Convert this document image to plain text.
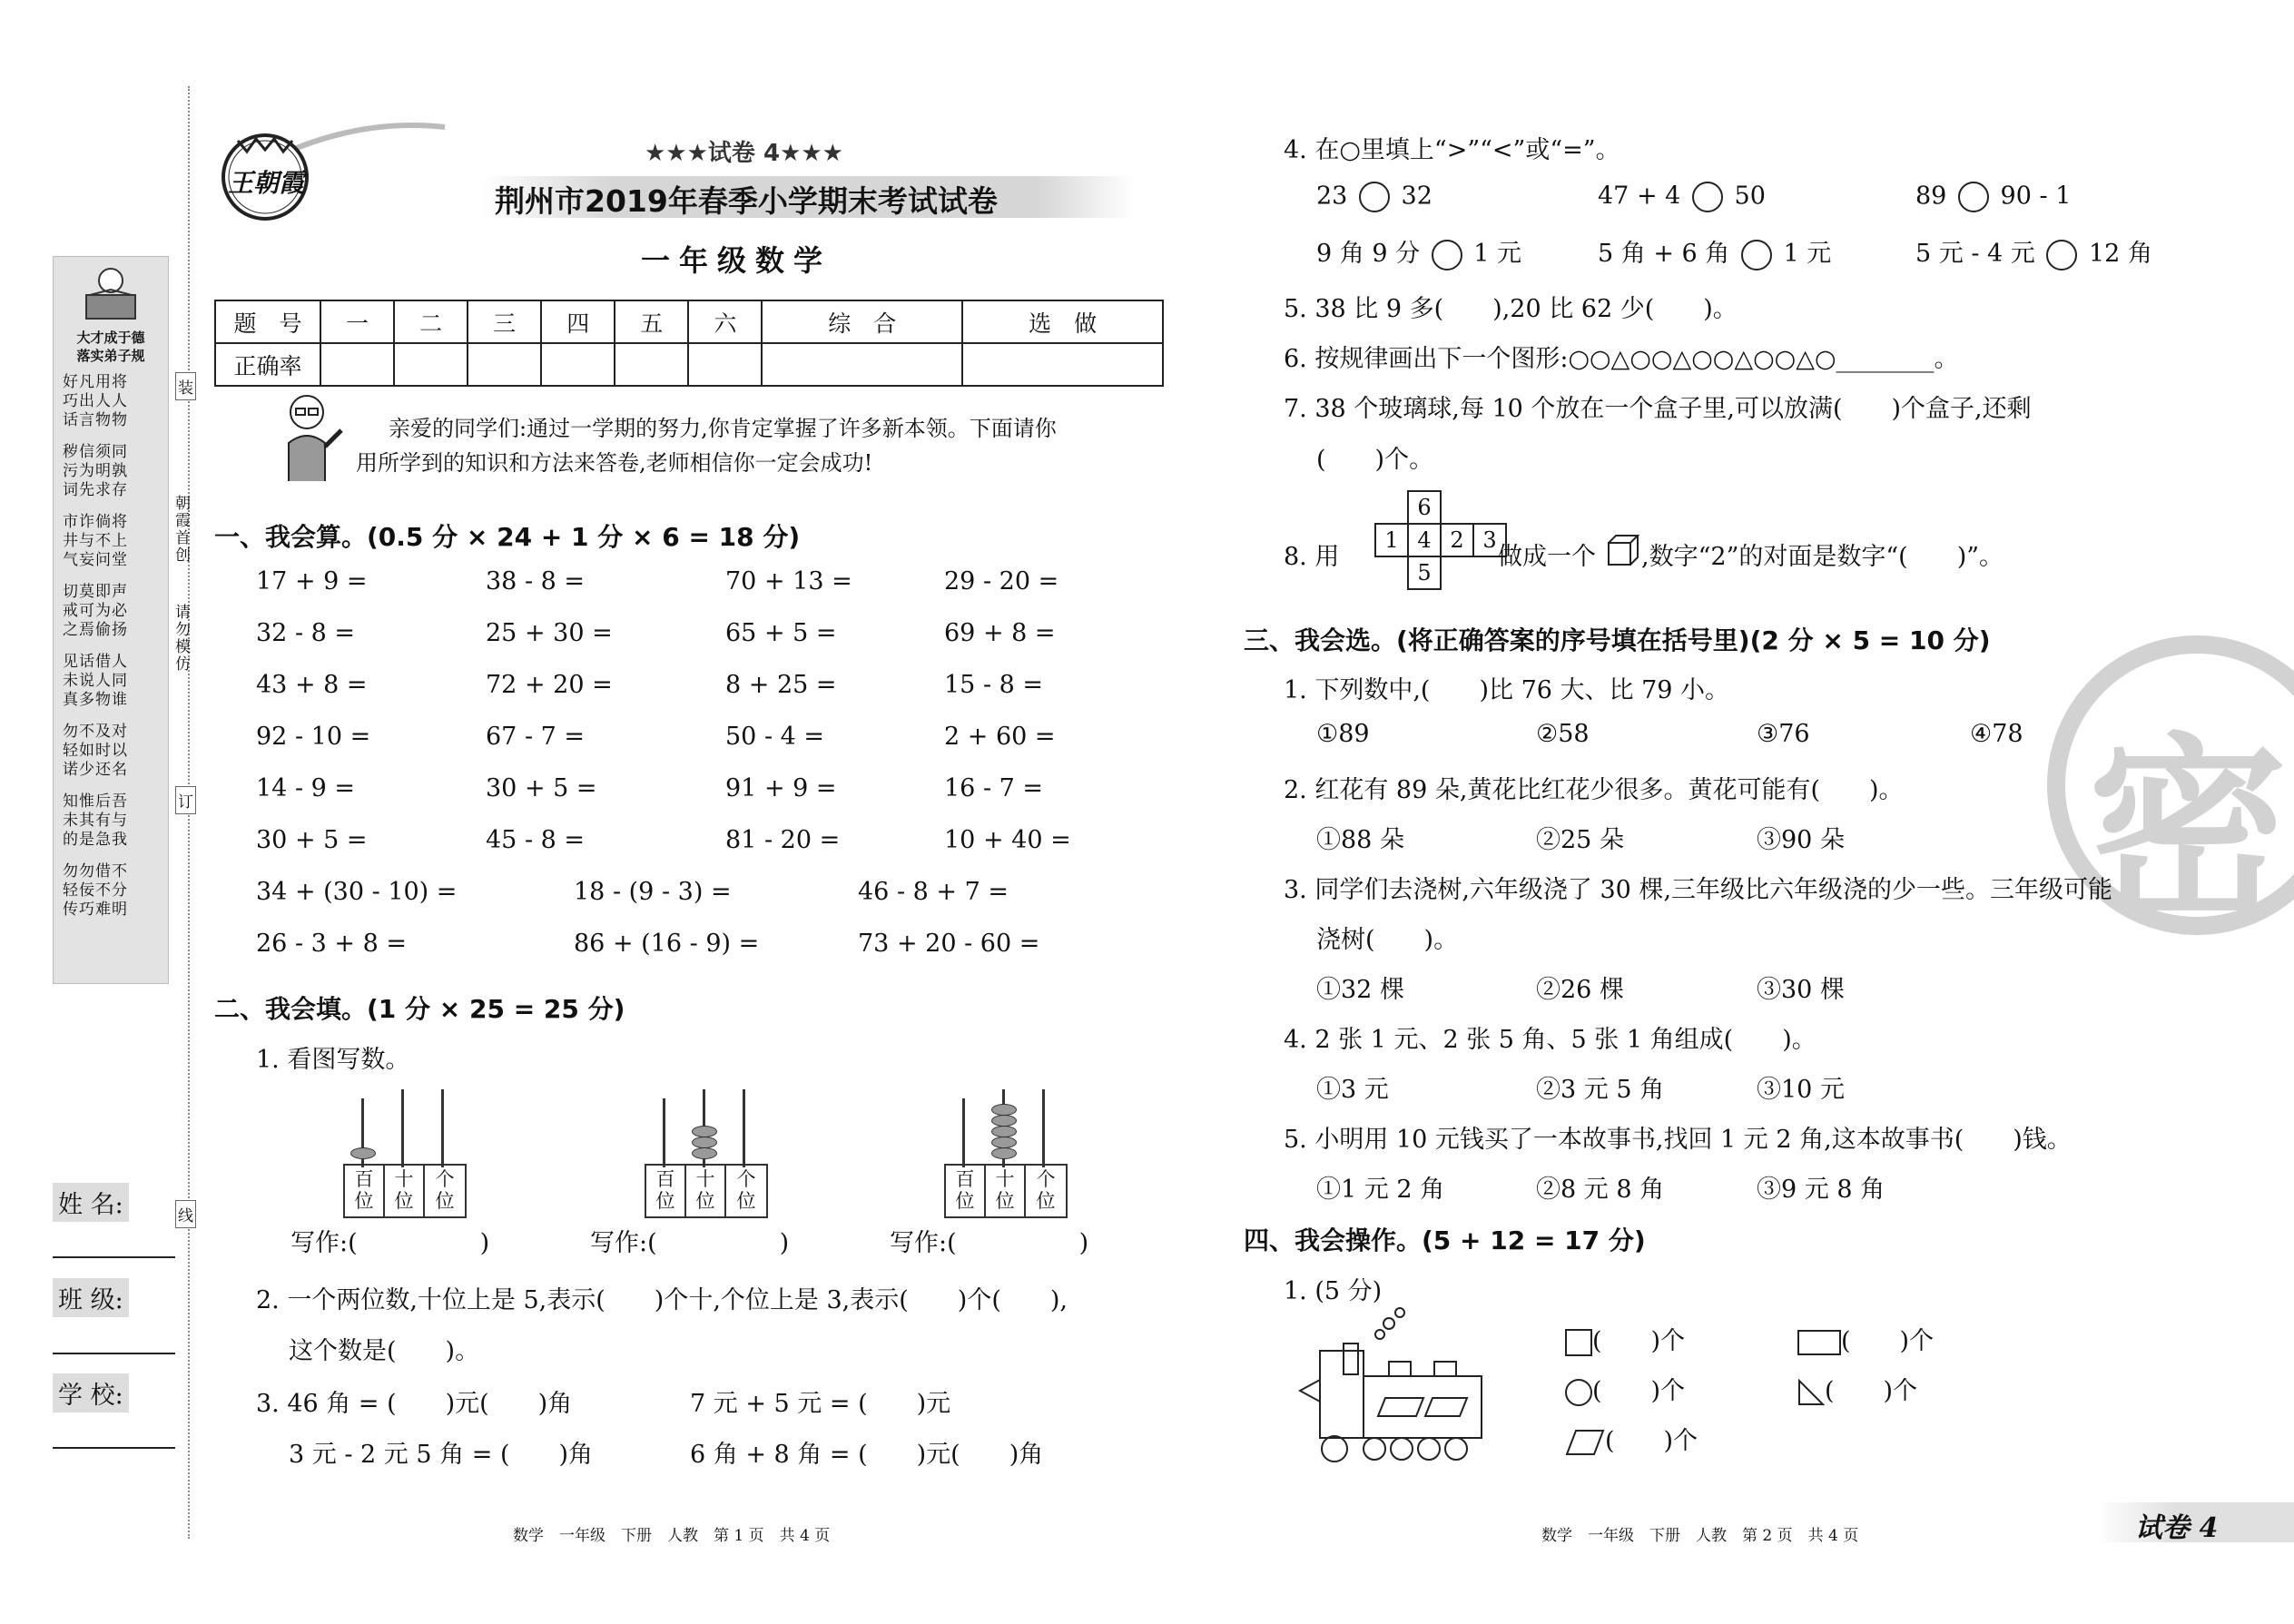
大才成于德
落实弟子规
好凡用将
巧出人人
话言物物
秽信须同
污为明孰
词先求存
市诈倘将
井与不上
气妄问堂
切莫即声
戒可为必
之焉偷扬
见话借人
未说人同
真多物谁
勿不及对
轻如时以
诺少还名
知惟后吾
未其有与
的是急我
勿勿借不
轻佞不分
传巧难明
装
订
线
朝霞首创
请勿模仿
姓 名:
班 级:
学 校:
王朝霞
★★★试卷 4★★★
荆州市2019年春季小学期末考试试卷
一年级数学
题　号	一	二	三	四	五	六	综　合	选　做
正确率								
亲爱的同学们:通过一学期的努力,你肯定掌握了许多新本领。下面请你
用所学到的知识和方法来答卷,老师相信你一定会成功!
一、我会算。(0.5 分 × 24 + 1 分 × 6 = 18 分)
17 + 9 =	38 - 8 =	70 + 13 =	29 - 20 =
32 - 8 =	25 + 30 =	65 + 5 =	69 + 8 =
43 + 8 =	72 + 20 =	8 + 25 =	15 - 8 =
92 - 10 =	67 - 7 =	50 - 4 =	2 + 60 =
14 - 9 =	30 + 5 =	91 + 9 =	16 - 7 =
30 + 5 =	45 - 8 =	81 - 20 =	10 + 40 =
34 + (30 - 10) =	18 - (9 - 3) =	46 - 8 + 7 =
26 - 3 + 8 =	86 + (16 - 9) =	73 + 20 - 60 =
二、我会填。(1 分 × 25 = 25 分)
1. 看图写数。
百
位
十
位
个
位
写作:(　　　　　)
百
位
十
位
个
位
写作:(　　　　　)
百
位
十
位
个
位
写作:(　　　　　)
2. 一个两位数,十位上是 5,表示(　　)个十,个位上是 3,表示(　　)个(　　),
这个数是(　　)。
3. 46 角 = (　　)元(　　)角	7 元 + 5 元 = (　　)元
3 元 - 2 元 5 角 = (　　)角	6 角 + 8 角 = (　　)元(　　)角
数学　一年级　下册　人教　第 1 页　共 4 页
密
4. 在○里填上“>”“<”或“=”。
23 32	47 + 4 50	89 90 - 1
9 角 9 分 1 元	5 角 + 6 角 1 元	5 元 - 4 元 12 角
5. 38 比 9 多(　　),20 比 62 少(　　)。
6. 按规律画出下一个图形:○○△○○△○○△○○△○________。
7. 38 个玻璃球,每 10 个放在一个盒子里,可以放满(　　)个盒子,还剩
(　　)个。
8. 用
		6		
	1	4	2	3
		5		
做成一个 ,数字“2”的对面是数字“(　　)”。
三、我会选。(将正确答案的序号填在括号里)(2 分 × 5 = 10 分)
1. 下列数中,(　　)比 76 大、比 79 小。
①89	②58	③76	④78
2. 红花有 89 朵,黄花比红花少很多。黄花可能有(　　)。
①88 朵	②25 朵	③90 朵
3. 同学们去浇树,六年级浇了 30 棵,三年级比六年级浇的少一些。三年级可能
浇树(　　)。
①32 棵	②26 棵	③30 棵
4. 2 张 1 元、2 张 5 角、5 张 1 角组成(　　)。
①3 元	②3 元 5 角	③10 元
5. 小明用 10 元钱买了一本故事书,找回 1 元 2 角,这本故事书(　　)钱。
①1 元 2 角	②8 元 8 角	③9 元 8 角
四、我会操作。(5 + 12 = 17 分)
1. (5 分)
(　　)个	(　　)个
(　　)个	(　　)个
(　　)个
数学　一年级　下册　人教　第 2 页　共 4 页	试卷 4
